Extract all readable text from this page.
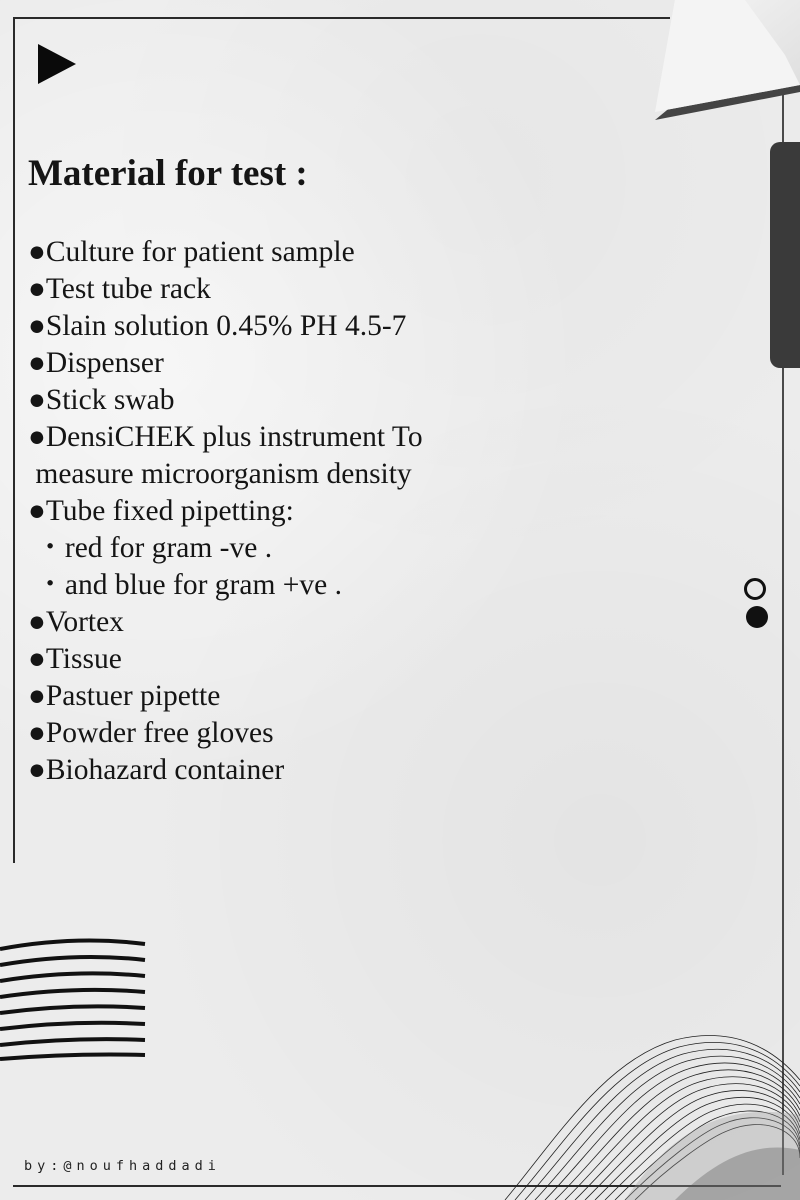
Material for test :
●Culture for patient sample
●Test tube rack
●Slain solution 0.45% PH 4.5-7
●Dispenser
●Stick swab
●DensiCHEK plus instrument To
measure microorganism density
●Tube fixed pipetting:
・red for gram -ve .
・and blue for gram +ve .
●Vortex
●Tissue
●Pastuer pipette
●Powder free gloves
●Biohazard container
by:@noufhaddadi
